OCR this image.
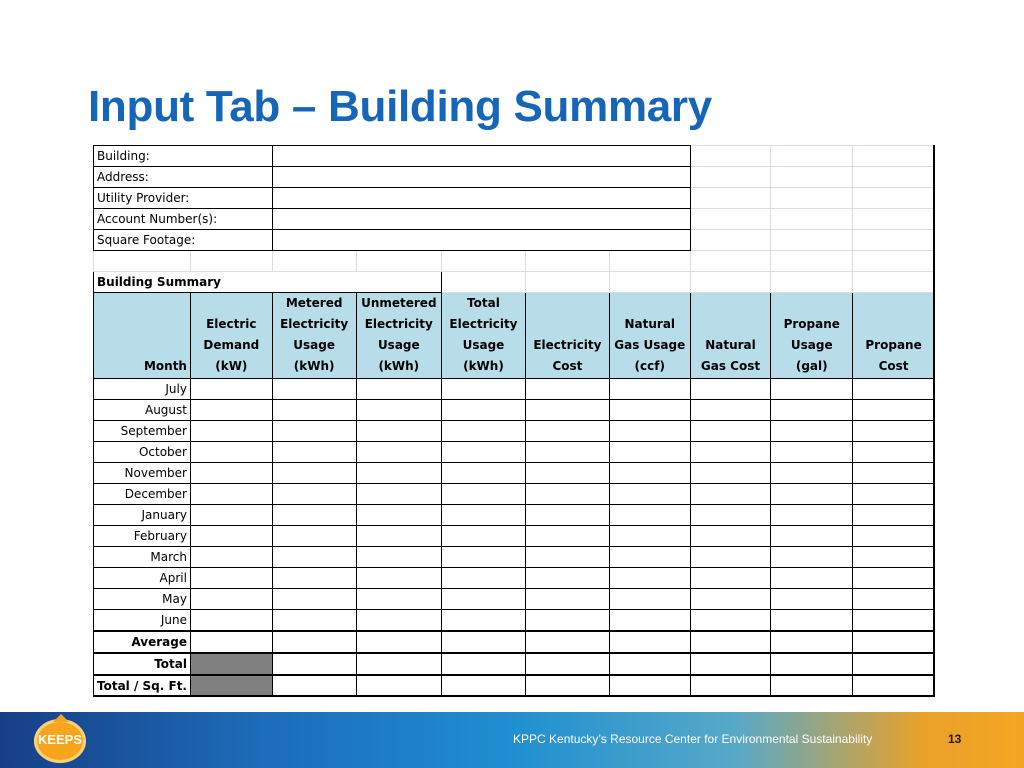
Input Tab – Building Summary
Building:									
Address:									
Utility Provider:									
Account Number(s):									
Square Footage:									

Building Summary									
Month	Electric Demand (kW)	Metered Electricity Usage (kWh)	Unmetered Electricity Usage (kWh)	Total Electricity Usage (kWh)	Electricity Cost	Natural Gas Usage (ccf)	Natural Gas Cost	Propane Usage (gal)	Propane Cost
July									
August									
September									
October									
November									
December									
January									
February									
March									
April									
May									
June									
Average									
Total									
Total / Sq. Ft.									
KEEPS	KPPC Kentucky’s Resource Center for Environmental Sustainability	13
